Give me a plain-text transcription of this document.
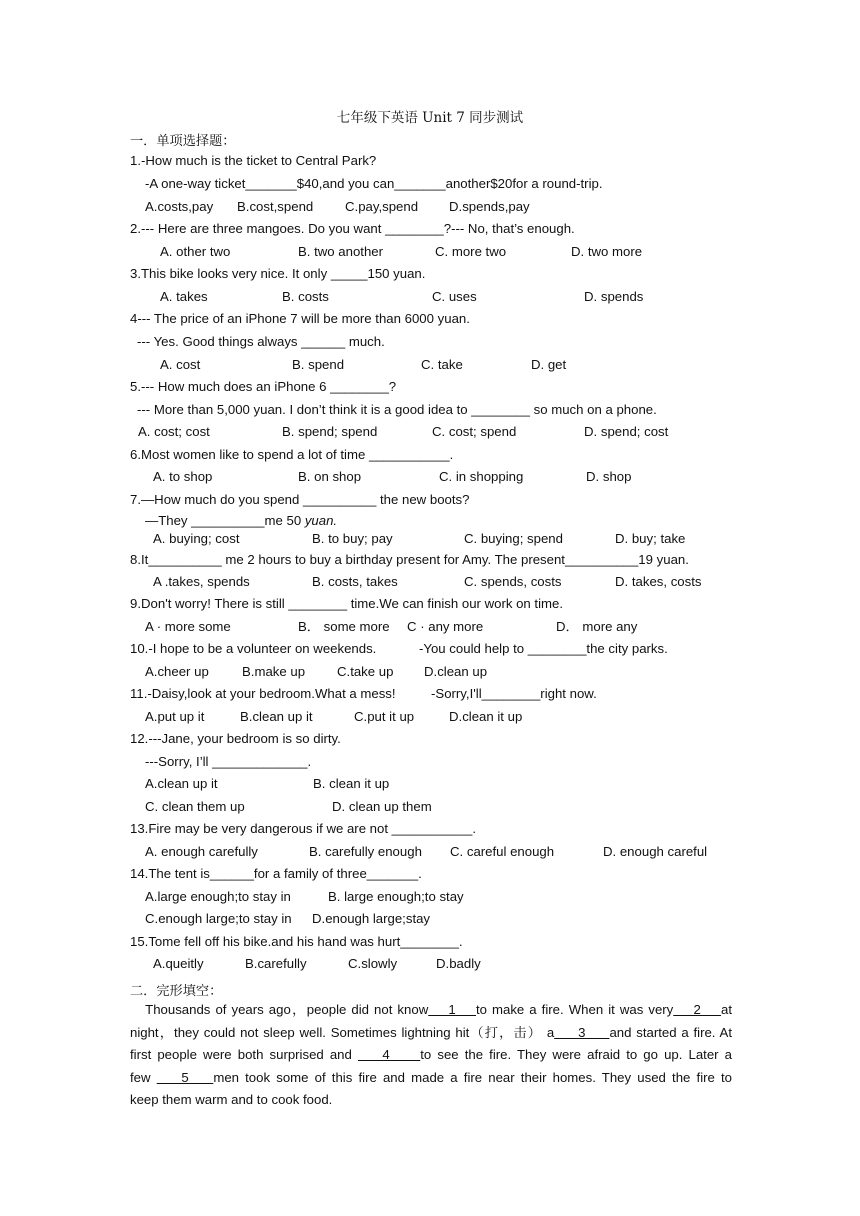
七年级下英语 Unit 7 同步测试
一．单项选择题：
1.-How much is the ticket to Central Park?
-A one-way ticket_______$40,and you can_______another$20for a round-trip.
A.costs,pay B.cost,spend C.pay,spend D.spends,pay
2.--- Here are three mangoes. Do you want ________?--- No, that’s enough.
A. other two	B. two another	C. more two	D. two more
3.This bike looks very nice. It only _____150 yuan.
A. takes	B. costs	C. uses	D. spends
4--- The price of an iPhone 7 will be more than 6000 yuan.
--- Yes. Good things always ______ much.
A. cost	B. spend	C. take	D. get
5.--- How much does an iPhone 6 ________?
--- More than 5,000 yuan. I don’t think it is a good idea to ________ so much on a phone.
A. cost; cost	B. spend; spend	C. cost; spend	D. spend; cost
6.Most women like to spend a lot of time ___________.
A. to shop	B. on shop	C. in shopping	D. shop
7.—How much do you spend __________ the new boots?
—They __________me 50 yuan.
A. buying; cost	B. to buy; pay	C. buying; spend	D. buy; take
8.It__________ me 2 hours to buy a birthday present for Amy. The present__________19 yuan.
A .takes, spends	B. costs, takes	C. spends, costs	D. takes, costs
9.Don't worry! There is still ________ time.We can finish our work on time.
A · more some	B． some more C · any more	D． more any
10.-I hope to be a volunteer on weekends.	-You could help to ________the city parks.
A.cheer up	B.make up C.take up D.clean up
11.-Daisy,look at your bedroom.What a mess!	-Sorry,I'll________right now.
A.put up it	B.clean up it	C.put it up	D.clean it up
12.---Jane, your bedroom is so dirty.
---Sorry, I’ll _____________.
A.clean up it	B. clean it up
C. clean them up	D. clean up them
13.Fire may be very dangerous if we are not ___________.
A. enough carefully	B. carefully enough C. careful enough	D. enough careful
14.The tent is______for a family of three_______.
A.large enough;to stay in	B. large enough;to stay
C.enough large;to stay in D.enough large;stay
15.Tome fell off his bike.and his hand was hurt________.
A.queitly	B.carefully	C.slowly	D.badly
二．完形填空：
Thousands of years ago，people did not know    1    to make a fire. When it was very    2    at
night，they could not sleep well. Sometimes lightning hit（打，击） a     3     and started a fire. At
first people were both surprised and     4     to see the fire. They were afraid to go up. Later a
few     5    men took some of this fire and made a fire near their homes. They used the fire to
keep them warm and to cook food.
